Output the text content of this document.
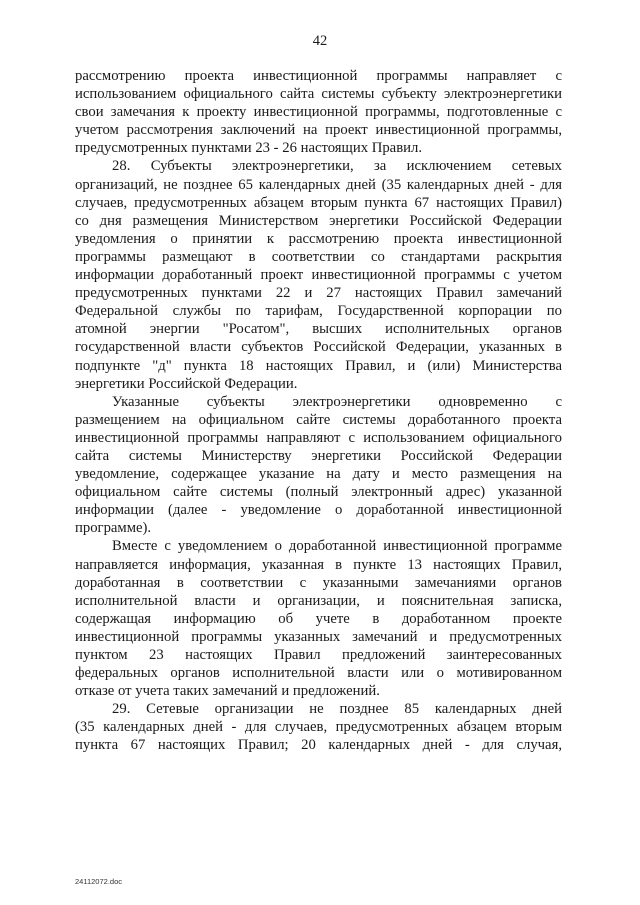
42
рассмотрению проекта инвестиционной программы направляет с
использованием официального сайта системы субъекту электроэнергетики
свои замечания к проекту инвестиционной программы, подготовленные с
учетом рассмотрения заключений на проект инвестиционной программы,
предусмотренных пунктами 23 - 26 настоящих Правил.
28. Субъекты электроэнергетики, за исключением сетевых
организаций, не позднее 65 календарных дней (35 календарных дней - для
случаев, предусмотренных абзацем вторым пункта 67 настоящих Правил)
со дня размещения Министерством энергетики Российской Федерации
уведомления о принятии к рассмотрению проекта инвестиционной
программы размещают в соответствии со стандартами раскрытия
информации доработанный проект инвестиционной программы с учетом
предусмотренных пунктами 22 и 27 настоящих Правил замечаний
Федеральной службы по тарифам, Государственной корпорации по
атомной энергии "Росатом", высших исполнительных органов
государственной власти субъектов Российской Федерации, указанных в
подпункте "д" пункта 18 настоящих Правил, и (или) Министерства
энергетики Российской Федерации.
Указанные субъекты электроэнергетики одновременно с
размещением на официальном сайте системы доработанного проекта
инвестиционной программы направляют с использованием официального
сайта системы Министерству энергетики Российской Федерации
уведомление, содержащее указание на дату и место размещения на
официальном сайте системы (полный электронный адрес) указанной
информации (далее - уведомление о доработанной инвестиционной
программе).
Вместе с уведомлением о доработанной инвестиционной программе
направляется информация, указанная в пункте 13 настоящих Правил,
доработанная в соответствии с указанными замечаниями органов
исполнительной власти и организации, и пояснительная записка,
содержащая информацию об учете в доработанном проекте
инвестиционной программы указанных замечаний и предусмотренных
пунктом 23 настоящих Правил предложений заинтересованных
федеральных органов исполнительной власти или о мотивированном
отказе от учета таких замечаний и предложений.
29. Сетевые организации не позднее 85 календарных дней
(35 календарных дней - для случаев, предусмотренных абзацем вторым
пункта 67 настоящих Правил; 20 календарных дней - для случая,
24112072.doc
